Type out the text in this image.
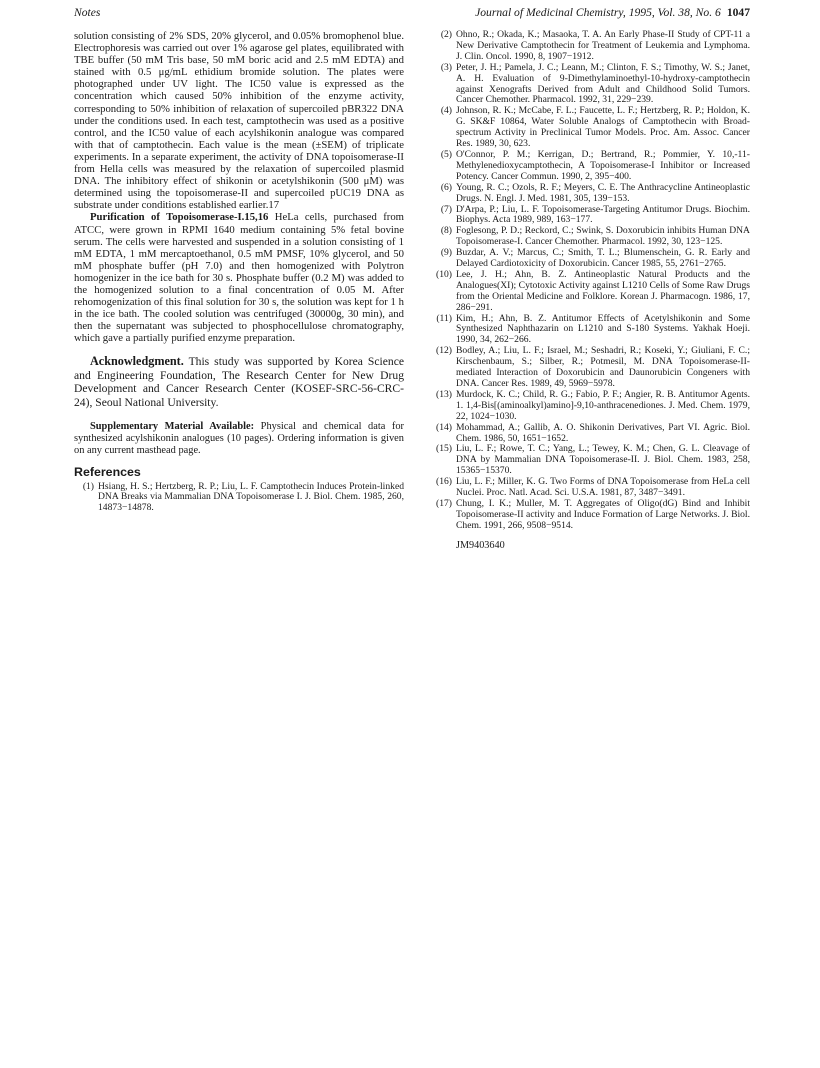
Notes	Journal of Medicinal Chemistry, 1995, Vol. 38, No. 6 1047

solution consisting of 2% SDS, 20% glycerol, and 0.05% bromophenol blue. Electrophoresis was carried out over 1% agarose gel plates, equilibrated with TBE buffer (50 mM Tris base, 50 mM boric acid and 2.5 mM EDTA) and stained with 0.5 μg/mL ethidium bromide solution. The plates were photographed under UV light. The IC50 value is expressed as the concentration which caused 50% inhibition of the enzyme activity, corresponding to 50% inhibition of relaxation of supercoiled pBR322 DNA under the conditions used. In each test, camptothecin was used as a positive control, and the IC50 value of each acylshikonin analogue was compared with that of camptothecin. Each value is the mean (±SEM) of triplicate experiments. In a separate experiment, the activity of DNA topoisomerase-II from Hella cells was measured by the relaxation of supercoiled plasmid DNA. The inhibitory effect of shikonin or acetylshikonin (500 μM) was determined using the topoisomerase-II and supercoiled pUC19 DNA as substrate under conditions established earlier.17

Purification of Topoisomerase-I.15,16 HeLa cells, purchased from ATCC, were grown in RPMI 1640 medium containing 5% fetal bovine serum. The cells were harvested and suspended in a solution consisting of 1 mM EDTA, 1 mM mercaptoethanol, 0.5 mM PMSF, 10% glycerol, and 50 mM phosphate buffer (pH 7.0) and then homogenized with Polytron homogenizer in the ice bath for 30 s. Phosphate buffer (0.2 M) was added to the homogenized solution to a final concentration of 0.05 M. After rehomogenization of this final solution for 30 s, the solution was kept for 1 h in the ice bath. The cooled solution was centrifuged (30000g, 30 min), and then the supernatant was subjected to phosphocellulose chromatography, which gave a partially purified enzyme preparation.

Acknowledgment. This study was supported by Korea Science and Engineering Foundation, The Research Center for New Drug Development and Cancer Research Center (KOSEF-SRC-56-CRC-24), Seoul National University.

Supplementary Material Available: Physical and chemical data for synthesized acylshikonin analogues (10 pages). Ordering information is given on any current masthead page.

References
(1) Hsiang, H. S.; Hertzberg, R. P.; Liu, L. F. Camptothecin Induces Protein-linked DNA Breaks via Mammalian DNA Topoisomerase I. J. Biol. Chem. 1985, 260, 14873−14878.
(2) Ohno, R.; Okada, K.; Masaoka, T. A. An Early Phase-II Study of CPT-11 a New Derivative Camptothecin for Treatment of Leukemia and Lymphoma. J. Clin. Oncol. 1990, 8, 1907−1912.
(3) Peter, J. H.; Pamela, J. C.; Leann, M.; Clinton, F. S.; Timothy, W. S.; Janet, A. H. Evaluation of 9-Dimethylaminoethyl-10-hydroxy-camptothecin against Xenografts Derived from Adult and Childhood Solid Tumors. Cancer Chemother. Pharmacol. 1992, 31, 229−239.
(4) Johnson, R. K.; McCabe, F. L.; Faucette, L. F.; Hertzberg, R. P.; Holdon, K. G. SK&F 10864, Water Soluble Analogs of Camptothecin with Broad-spectrum Activity in Preclinical Tumor Models. Proc. Am. Assoc. Cancer Res. 1989, 30, 623.
(5) O'Connor, P. M.; Kerrigan, D.; Bertrand, R.; Pommier, Y. 10,-11-Methylenedioxycamptothecin, A Topoisomerase-I Inhibitor or Increased Potency. Cancer Commun. 1990, 2, 395−400.
(6) Young, R. C.; Ozols, R. F.; Meyers, C. E. The Anthracycline Antineoplastic Drugs. N. Engl. J. Med. 1981, 305, 139−153.
(7) D'Arpa, P.; Liu, L. F. Topoisomerase-Targeting Antitumor Drugs. Biochim. Biophys. Acta 1989, 989, 163−177.
(8) Foglesong, P. D.; Reckord, C.; Swink, S. Doxorubicin inhibits Human DNA Topoisomerase-I. Cancer Chemother. Pharmacol. 1992, 30, 123−125.
(9) Buzdar, A. V.; Marcus, C.; Smith, T. L.; Blumenschein, G. R. Early and Delayed Cardiotoxicity of Doxorubicin. Cancer 1985, 55, 2761−2765.
(10) Lee, J. H.; Ahn, B. Z. Antineoplastic Natural Products and the Analogues(XI); Cytotoxic Activity against L1210 Cells of Some Raw Drugs from the Oriental Medicine and Folklore. Korean J. Pharmacogn. 1986, 17, 286−291.
(11) Kim, H.; Ahn, B. Z. Antitumor Effects of Acetylshikonin and Some Synthesized Naphthazarin on L1210 and S-180 Systems. Yakhak Hoeji. 1990, 34, 262−266.
(12) Bodley, A.; Liu, L. F.; Israel, M.; Seshadri, R.; Koseki, Y.; Giuliani, F. C.; Kirschenbaum, S.; Silber, R.; Potmesil, M. DNA Topoisomerase-II-mediated Interaction of Doxorubicin and Daunorubicin Congeners with DNA. Cancer Res. 1989, 49, 5969−5978.
(13) Murdock, K. C.; Child, R. G.; Fabio, P. F.; Angier, R. B. Antitumor Agents. 1. 1,4-Bis[(aminoalkyl)amino]-9,10-anthracenediones. J. Med. Chem. 1979, 22, 1024−1030.
(14) Mohammad, A.; Gallib, A. O. Shikonin Derivatives, Part VI. Agric. Biol. Chem. 1986, 50, 1651−1652.
(15) Liu, L. F.; Rowe, T. C.; Yang, L.; Tewey, K. M.; Chen, G. L. Cleavage of DNA by Mammalian DNA Topoisomerase-II. J. Biol. Chem. 1983, 258, 15365−15370.
(16) Liu, L. F.; Miller, K. G. Two Forms of DNA Topoisomerase from HeLa cell Nuclei. Proc. Natl. Acad. Sci. U.S.A. 1981, 87, 3487−3491.
(17) Chung, I. K.; Muller, M. T. Aggregates of Oligo(dG) Bind and Inhibit Topoisomerase-II activity and Induce Formation of Large Networks. J. Biol. Chem. 1991, 266, 9508−9514.
JM9403640
